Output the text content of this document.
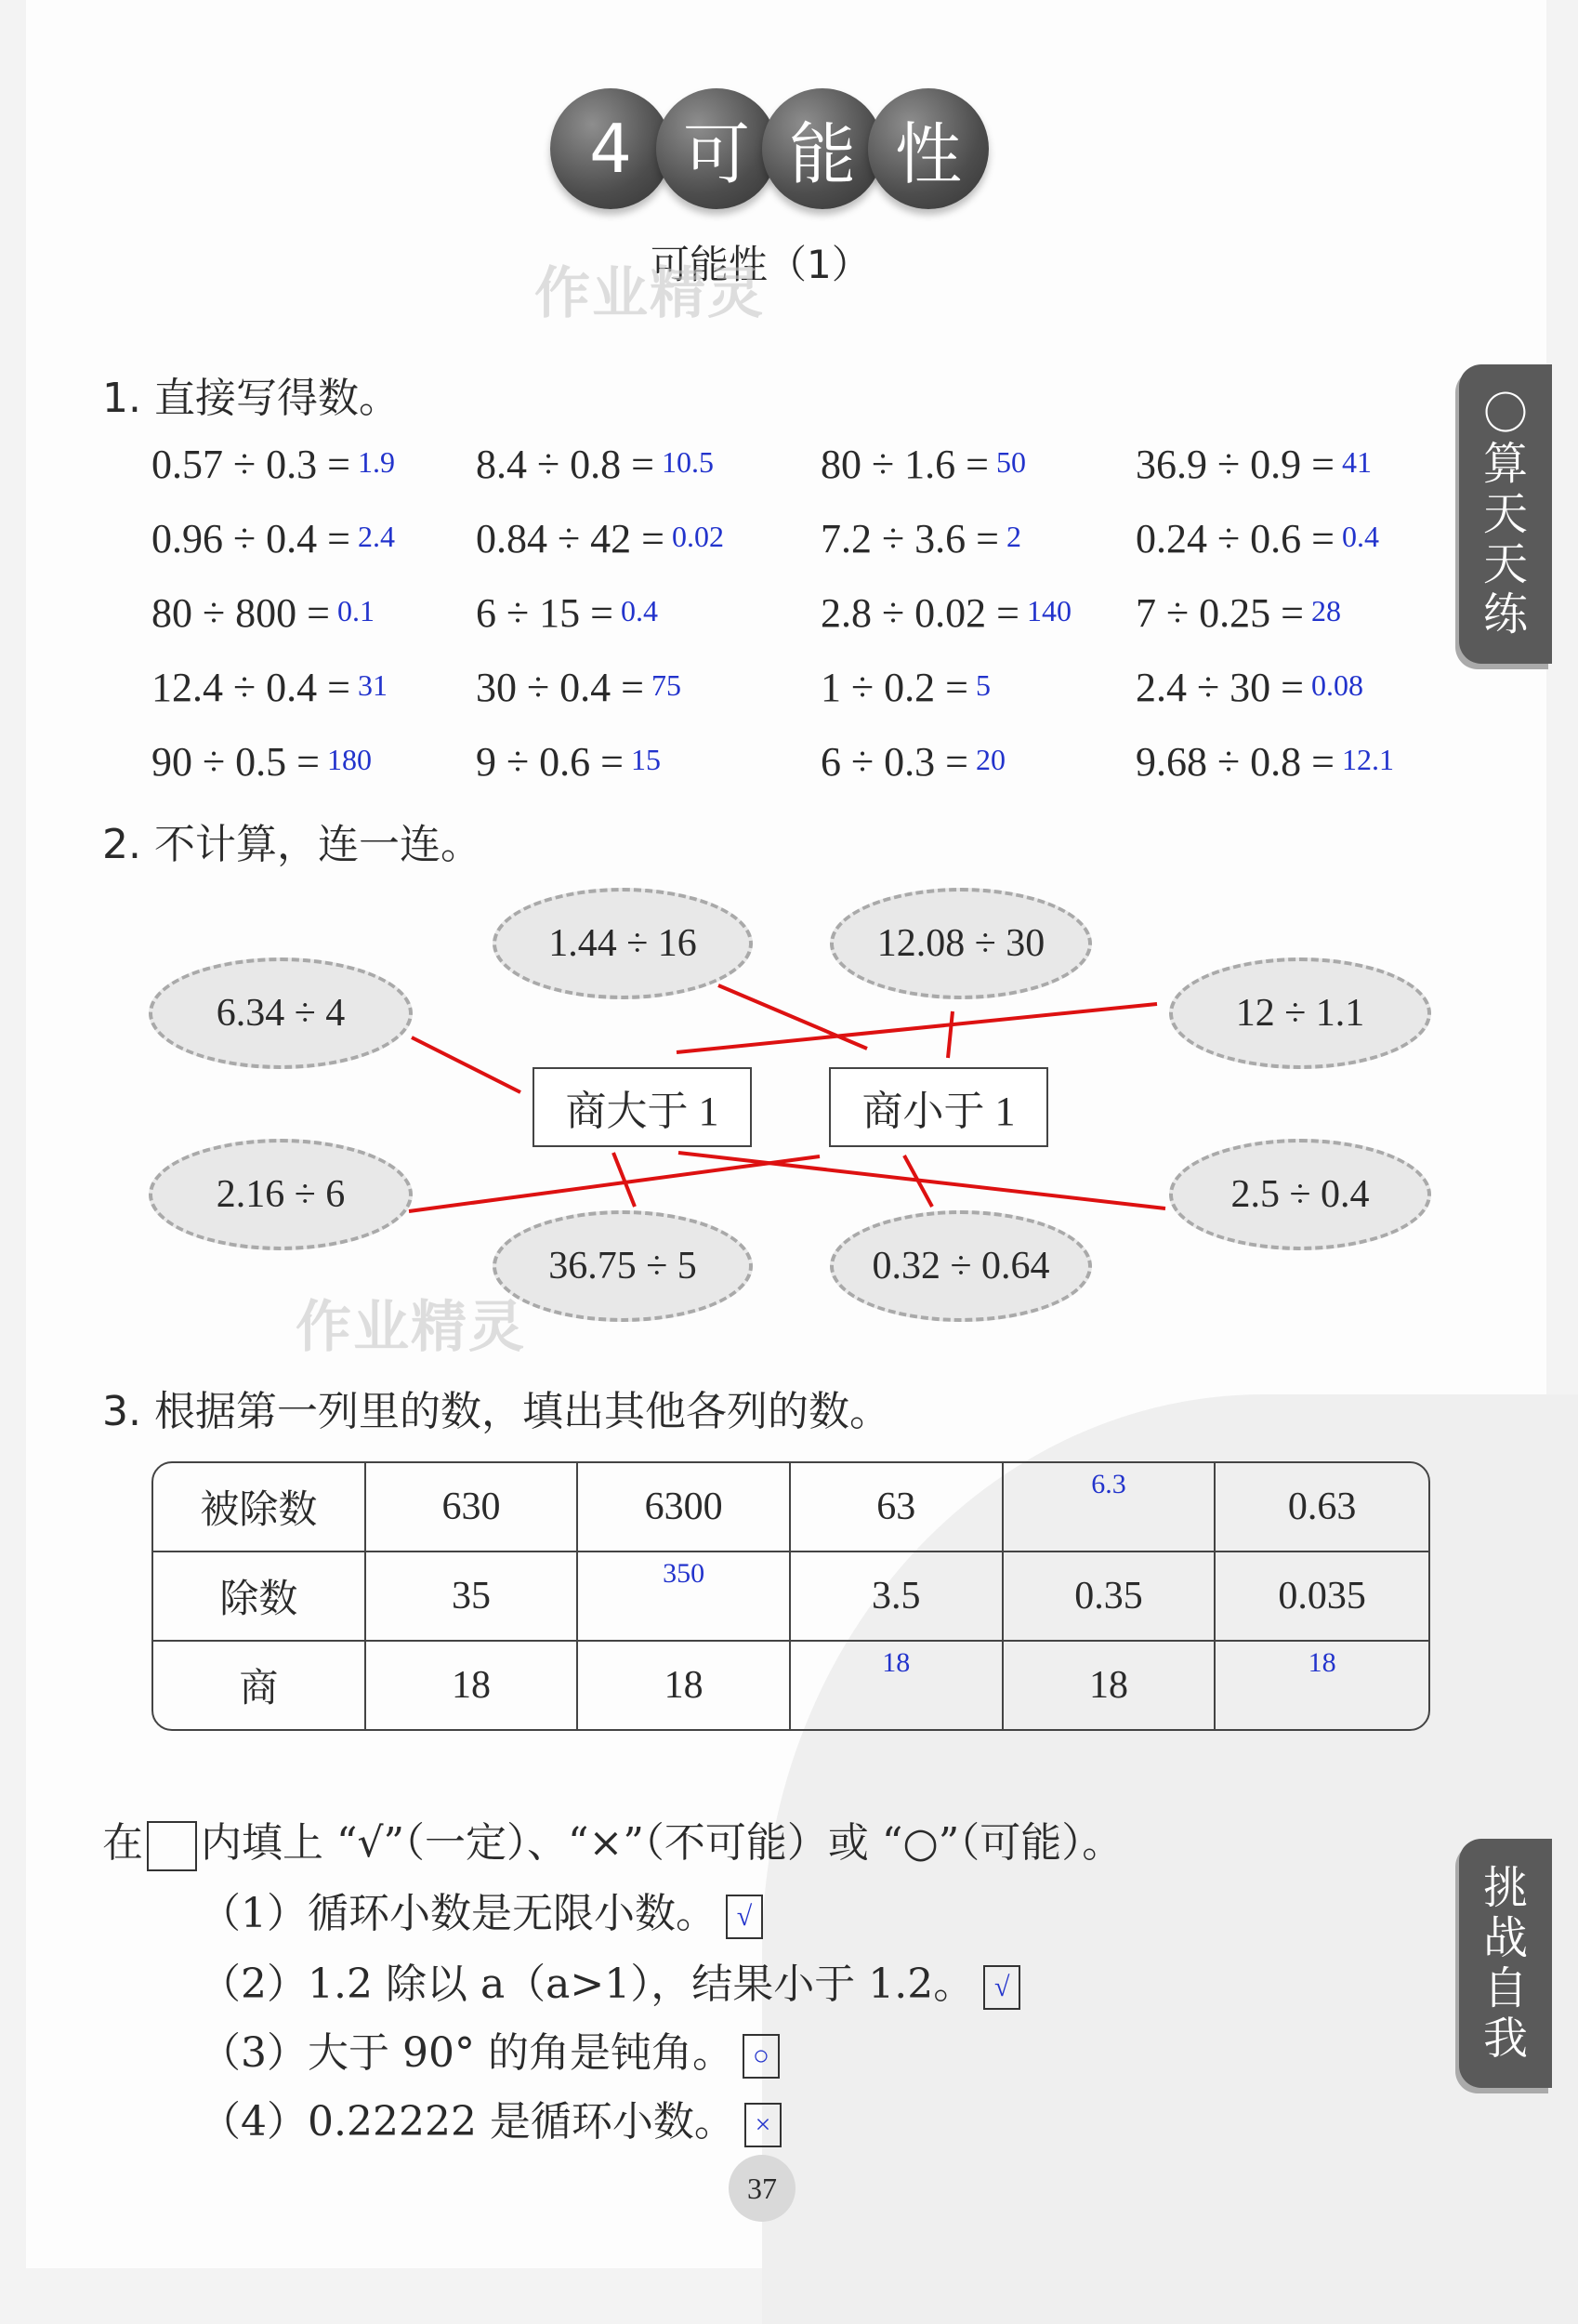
4 可 能 性
可能性（1）
作业精灵
〇
算
天
天
练
挑
战
自
我
1. 直接写得数。
0.57 ÷ 0.3 = 1.9 8.4 ÷ 0.8 = 10.5	80 ÷ 1.6 = 50	36.9 ÷ 0.9 = 41
0.96 ÷ 0.4 = 2.4 0.84 ÷ 42 = 0.02 7.2 ÷ 3.6 = 2	0.24 ÷ 0.6 = 0.4
80 ÷ 800 = 0.1 6 ÷ 15 = 0.4	2.8 ÷ 0.02 = 140 7 ÷ 0.25 = 28
12.4 ÷ 0.4 = 31 30 ÷ 0.4 = 75	1 ÷ 0.2 = 5	2.4 ÷ 30 = 0.08
90 ÷ 0.5 = 180	9 ÷ 0.6 = 15	6 ÷ 0.3 = 20	9.68 ÷ 0.8 = 12.1
2. 不计算，连一连。
1.44 ÷ 16	12.08 ÷ 30
6.34 ÷ 4	12 ÷ 1.1
2.16 ÷ 6	2.5 ÷ 0.4
36.75 ÷ 5	0.32 ÷ 0.64
商大于 1	商小于 1
作业精灵
3. 根据第一列里的数，填出其他各列的数。
被除数	630	6300	63	6.3	0.63
除数	35	350	3.5	0.35	0.035
商	18	18	18	18	18
在 内填上 “√”（一定）、“×”（不可能）或 “○”（可能）。
（1）循环小数是无限小数。 √
（2）1.2 除以 a（a>1），结果小于 1.2。 √
（3）大于 90° 的角是钝角。 ○
（4）0.22222 是循环小数。 ×
37
